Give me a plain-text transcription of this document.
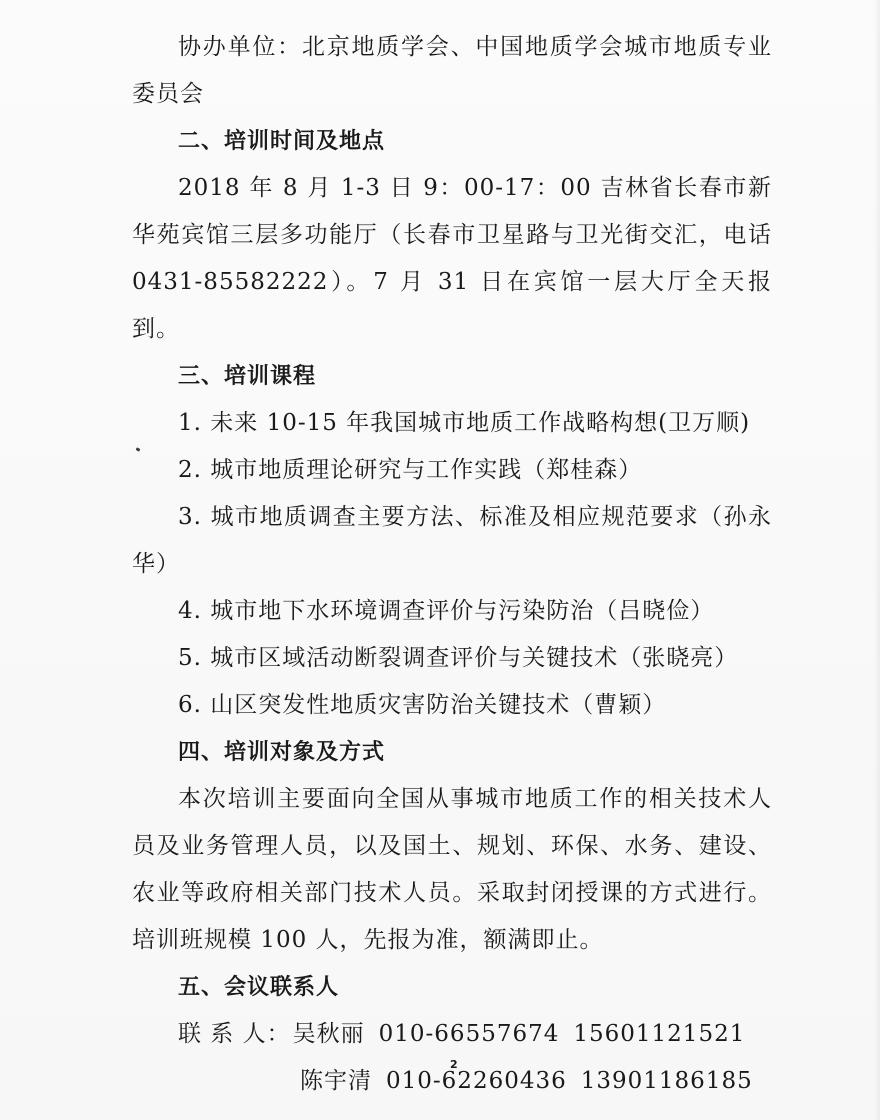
协办单位：北京地质学会、中国地质学会城市地质专业委员会

二、培训时间及地点

2018 年 8 月 1-3 日 9：00-17：00 吉林省长春市新华苑宾馆三层多功能厅（长春市卫星路与卫光街交汇，电话 0431-85582222）。7 月 31 日在宾馆一层大厅全天报到。

三、培训课程

1. 未来 10-15 年我国城市地质工作战略构想(卫万顺)

2. 城市地质理论研究与工作实践（郑桂森）

3. 城市地质调查主要方法、标准及相应规范要求（孙永华）

4. 城市地下水环境调查评价与污染防治（吕晓俭）

5. 城市区域活动断裂调查评价与关键技术（张晓亮）

6. 山区突发性地质灾害防治关键技术（曹颖）

四、培训对象及方式

本次培训主要面向全国从事城市地质工作的相关技术人员及业务管理人员，以及国土、规划、环保、水务、建设、农业等政府相关部门技术人员。采取封闭授课的方式进行。培训班规模 100 人，先报为准，额满即止。

五、会议联系人

联 系 人：吴秋丽 010-66557674 15601121521

陈宇清 010-62260436 13901186185

2
